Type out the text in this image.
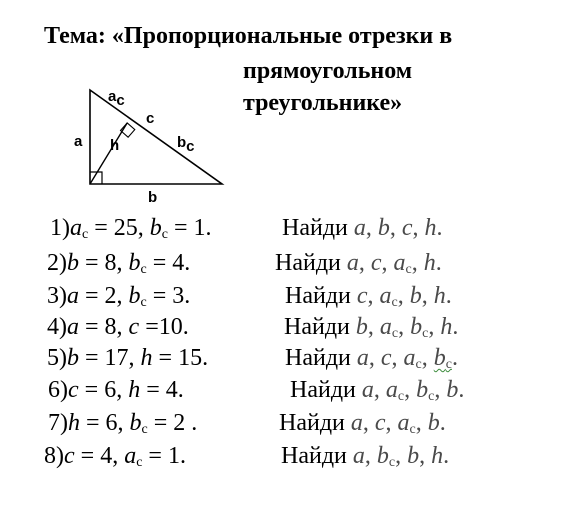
Тема: «Пропорциональные отрезки в
прямоугольном
треугольнике»
a
b
h
c
ac
bc
$1)a_c = 25$, $b_c = 1$.	Найди a, b, c, h.
2)b = 8, $b_c = 4$.	Найди a, c, $a_c$, h.
3)a = 2, $b_c = 3$.	Найди c, $a_c$, b, h.
4)a = 8, c =10.	Найди b, $a_c$, $b_c$, h.
5)b = 17, h = 15.	Найди a, c, $a_c$, $b_c$.
6)c = 6, h = 4.	Найди a, $a_c$, $b_c$, b.
7)h = 6, $b_c = 2$ .	Найди a, c, $a_c$, b.
8)c = 4, $a_c = 1$.	Найди a, $b_c$, b, h.
